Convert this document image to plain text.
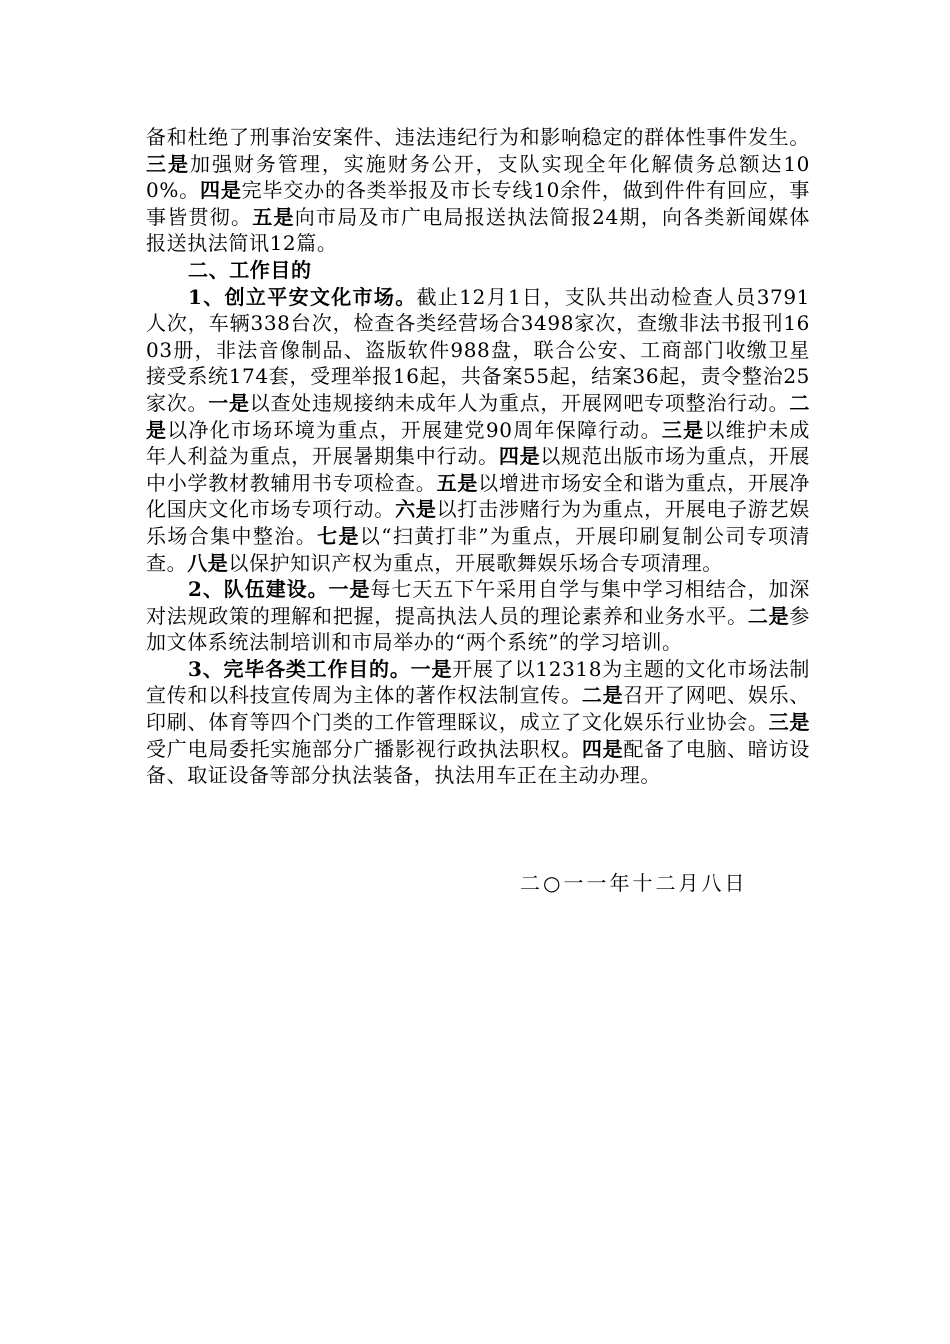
备和杜绝了刑事治安案件、违法违纪行为和影响稳定的群体性事件发生。三是加强财务管理，实施财务公开，支队实现全年化解债务总额达100%。四是完毕交办的各类举报及市长专线10余件，做到件件有回应，事事皆贯彻。五是向市局及市广电局报送执法简报24期，向各类新闻媒体报送执法简讯12篇。

二、工作目的

1、创立平安文化市场。截止12月1日，支队共出动检查人员3791人次，车辆338台次，检查各类经营场合3498家次，查缴非法书报刊1603册，非法音像制品、盗版软件988盘，联合公安、工商部门收缴卫星接受系统174套，受理举报16起，共备案55起，结案36起，责令整治25家次。一是以查处违规接纳未成年人为重点，开展网吧专项整治行动。二是以净化市场环境为重点，开展建党90周年保障行动。三是以维护未成年人利益为重点，开展暑期集中行动。四是以规范出版市场为重点，开展中小学教材教辅用书专项检查。五是以增进市场安全和谐为重点，开展净化国庆文化市场专项行动。六是以打击涉赌行为为重点，开展电子游艺娱乐场合集中整治。七是以“扫黄打非”为重点，开展印刷复制公司专项清查。八是以保护知识产权为重点，开展歌舞娱乐场合专项清理。

2、队伍建设。一是每七天五下午采用自学与集中学习相结合，加深对法规政策的理解和把握，提高执法人员的理论素养和业务水平。二是参加文体系统法制培训和市局举办的“两个系统”的学习培训。

3、完毕各类工作目的。一是开展了以12318为主题的文化市场法制宣传和以科技宣传周为主体的著作权法制宣传。二是召开了网吧、娱乐、印刷、体育等四个门类的工作管理睬议，成立了文化娱乐行业协会。三是受广电局委托实施部分广播影视行政执法职权。四是配备了电脑、暗访设备、取证设备等部分执法装备，执法用车正在主动办理。

二○一一年十二月八日
